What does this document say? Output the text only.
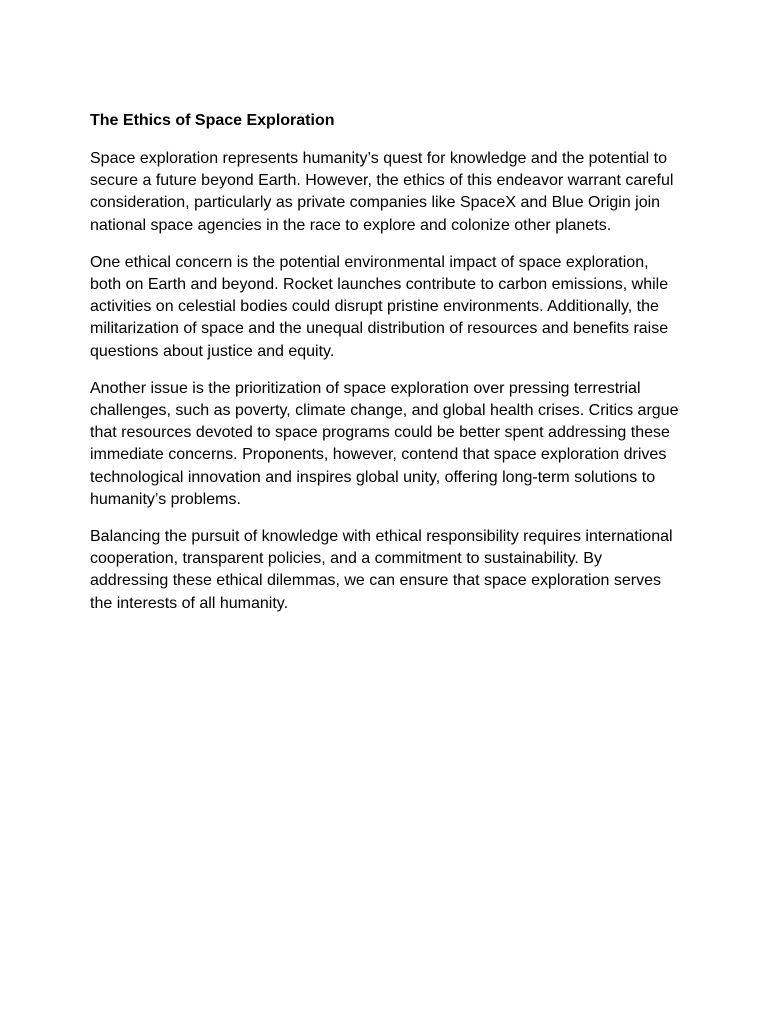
The Ethics of Space Exploration

Space exploration represents humanity’s quest for knowledge and the potential to secure a future beyond Earth. However, the ethics of this endeavor warrant careful consideration, particularly as private companies like SpaceX and Blue Origin join national space agencies in the race to explore and colonize other planets.

One ethical concern is the potential environmental impact of space exploration, both on Earth and beyond. Rocket launches contribute to carbon emissions, while activities on celestial bodies could disrupt pristine environments. Additionally, the militarization of space and the unequal distribution of resources and benefits raise questions about justice and equity.

Another issue is the prioritization of space exploration over pressing terrestrial challenges, such as poverty, climate change, and global health crises. Critics argue that resources devoted to space programs could be better spent addressing these immediate concerns. Proponents, however, contend that space exploration drives technological innovation and inspires global unity, offering long-term solutions to humanity’s problems.

Balancing the pursuit of knowledge with ethical responsibility requires international cooperation, transparent policies, and a commitment to sustainability. By addressing these ethical dilemmas, we can ensure that space exploration serves the interests of all humanity.
